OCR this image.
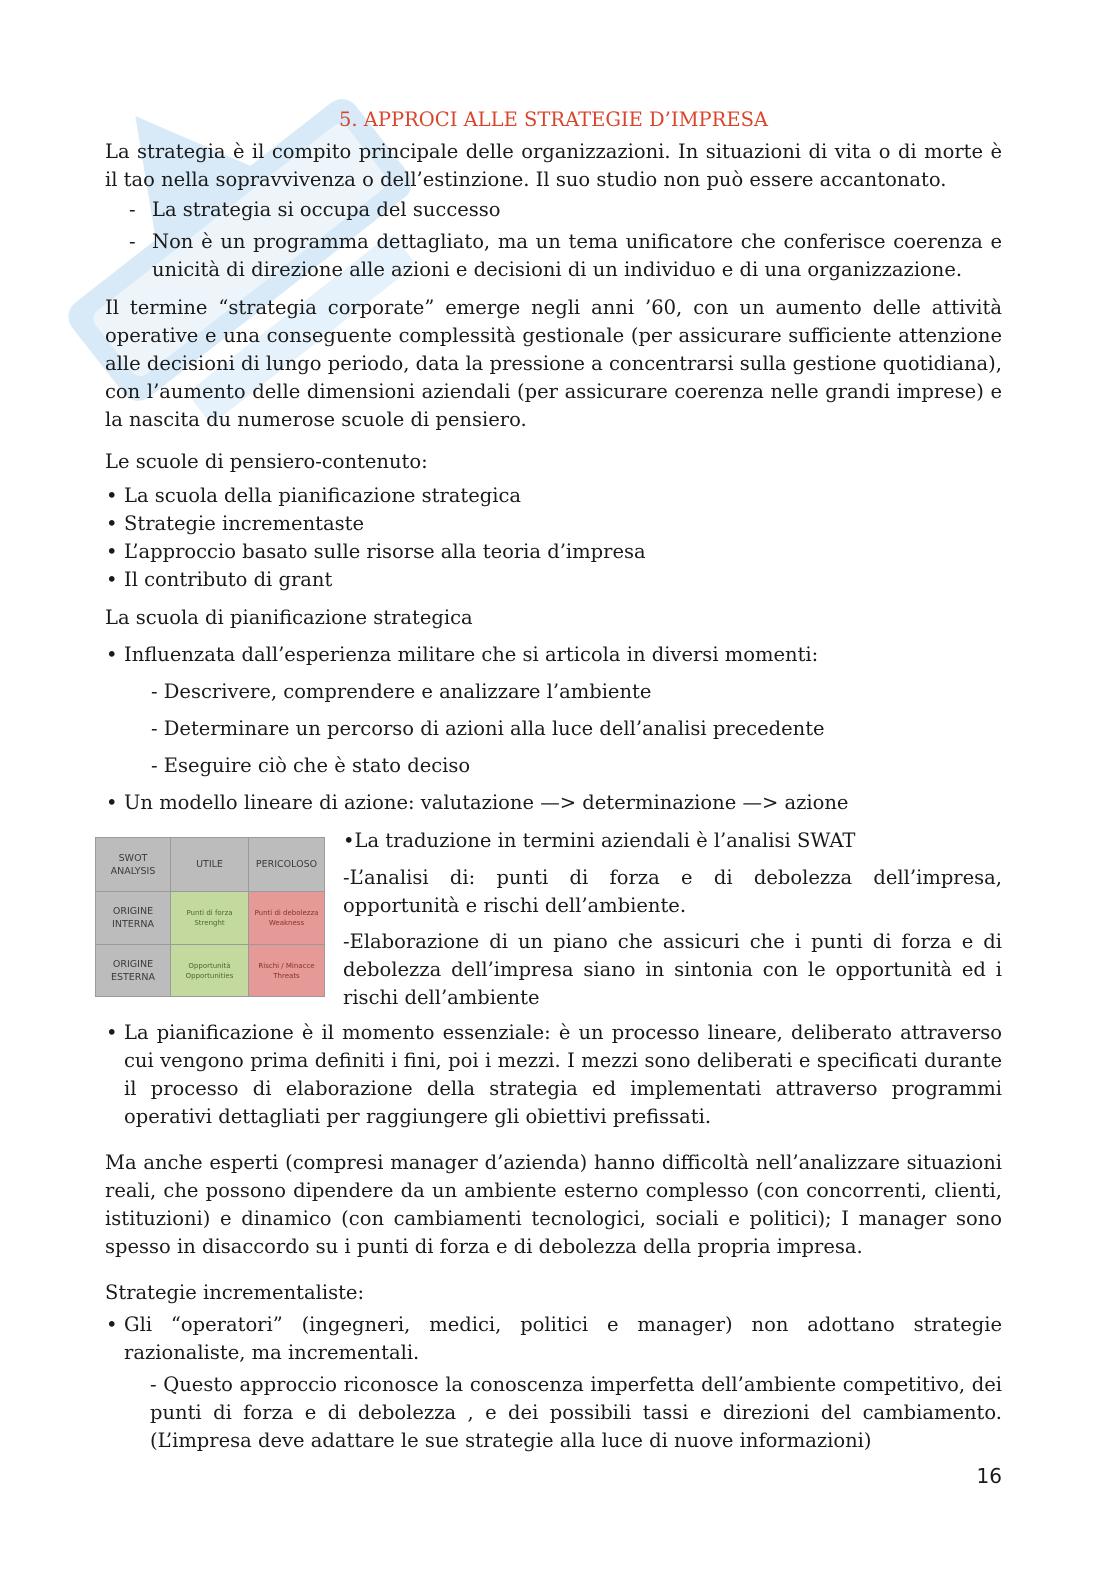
5. APPROCI ALLE STRATEGIE D’IMPRESA

La strategia è il compito principale delle organizzazioni. In situazioni di vita o di morte è il tao nella sopravvivenza o dell’estinzione. Il suo studio non può essere accantonato.

- La strategia si occupa del successo
- Non è un programma dettagliato, ma un tema unificatore che conferisce coerenza e unicità di direzione alle azioni e decisioni di un individuo e di una organizzazione.

Il termine “strategia corporate” emerge negli anni ’60, con un aumento delle attività operative e una conseguente complessità gestionale (per assicurare sufficiente attenzione alle decisioni di lungo periodo, data la pressione a concentrarsi sulla gestione quotidiana), con l’aumento delle dimensioni aziendali (per assicurare coerenza nelle grandi imprese) e la nascita du numerose scuole di pensiero.

Le scuole di pensiero-contenuto:

• La scuola della pianificazione strategica
• Strategie incrementaste
• L’approccio basato sulle risorse alla teoria d’impresa
• Il contributo di grant

La scuola di pianificazione strategica

• Influenzata dall’esperienza militare che si articola in diversi momenti:

- Descrivere, comprendere e analizzare l’ambiente

- Determinare un percorso di azioni alla luce dell’analisi precedente

- Eseguire ciò che è stato deciso

• Un modello lineare di azione: valutazione —> determinazione —> azione
SWOT ANALYSIS	UTILE	PERICOLOSO
ORIGINE INTERNA	Punti di forza Strenght	Punti di debolezza Weakness
ORIGINE ESTERNA	Opportunità Opportunities	Rischi / Minacce Threats

•La traduzione in termini aziendali è l’analisi SWAT

-L’analisi di: punti di forza e di debolezza dell’impresa, opportunità e rischi dell’ambiente.

-Elaborazione di un piano che assicuri che i punti di forza e di debolezza dell’impresa siano in sintonia con le opportunità ed i rischi dell’ambiente

• La pianificazione è il momento essenziale: è un processo lineare, deliberato attraverso cui vengono prima definiti i fini, poi i mezzi. I mezzi sono deliberati e specificati durante il processo di elaborazione della strategia ed implementati attraverso programmi operativi dettagliati per raggiungere gli obiettivi prefissati.

Ma anche esperti (compresi manager d’azienda) hanno difficoltà nell’analizzare situazioni reali, che possono dipendere da un ambiente esterno complesso (con concorrenti, clienti, istituzioni) e dinamico (con cambiamenti tecnologici, sociali e politici); I manager sono spesso in disaccordo su i punti di forza e di debolezza della propria impresa.

Strategie incrementaliste:

• Gli “operatori” (ingegneri, medici, politici e manager) non adottano strategie razionaliste, ma incrementali.

- Questo approccio riconosce la conoscenza imperfetta dell’ambiente competitivo, dei punti di forza e di debolezza , e dei possibili tassi e direzioni del cambiamento. (L’impresa deve adattare le sue strategie alla luce di nuove informazioni)

16
